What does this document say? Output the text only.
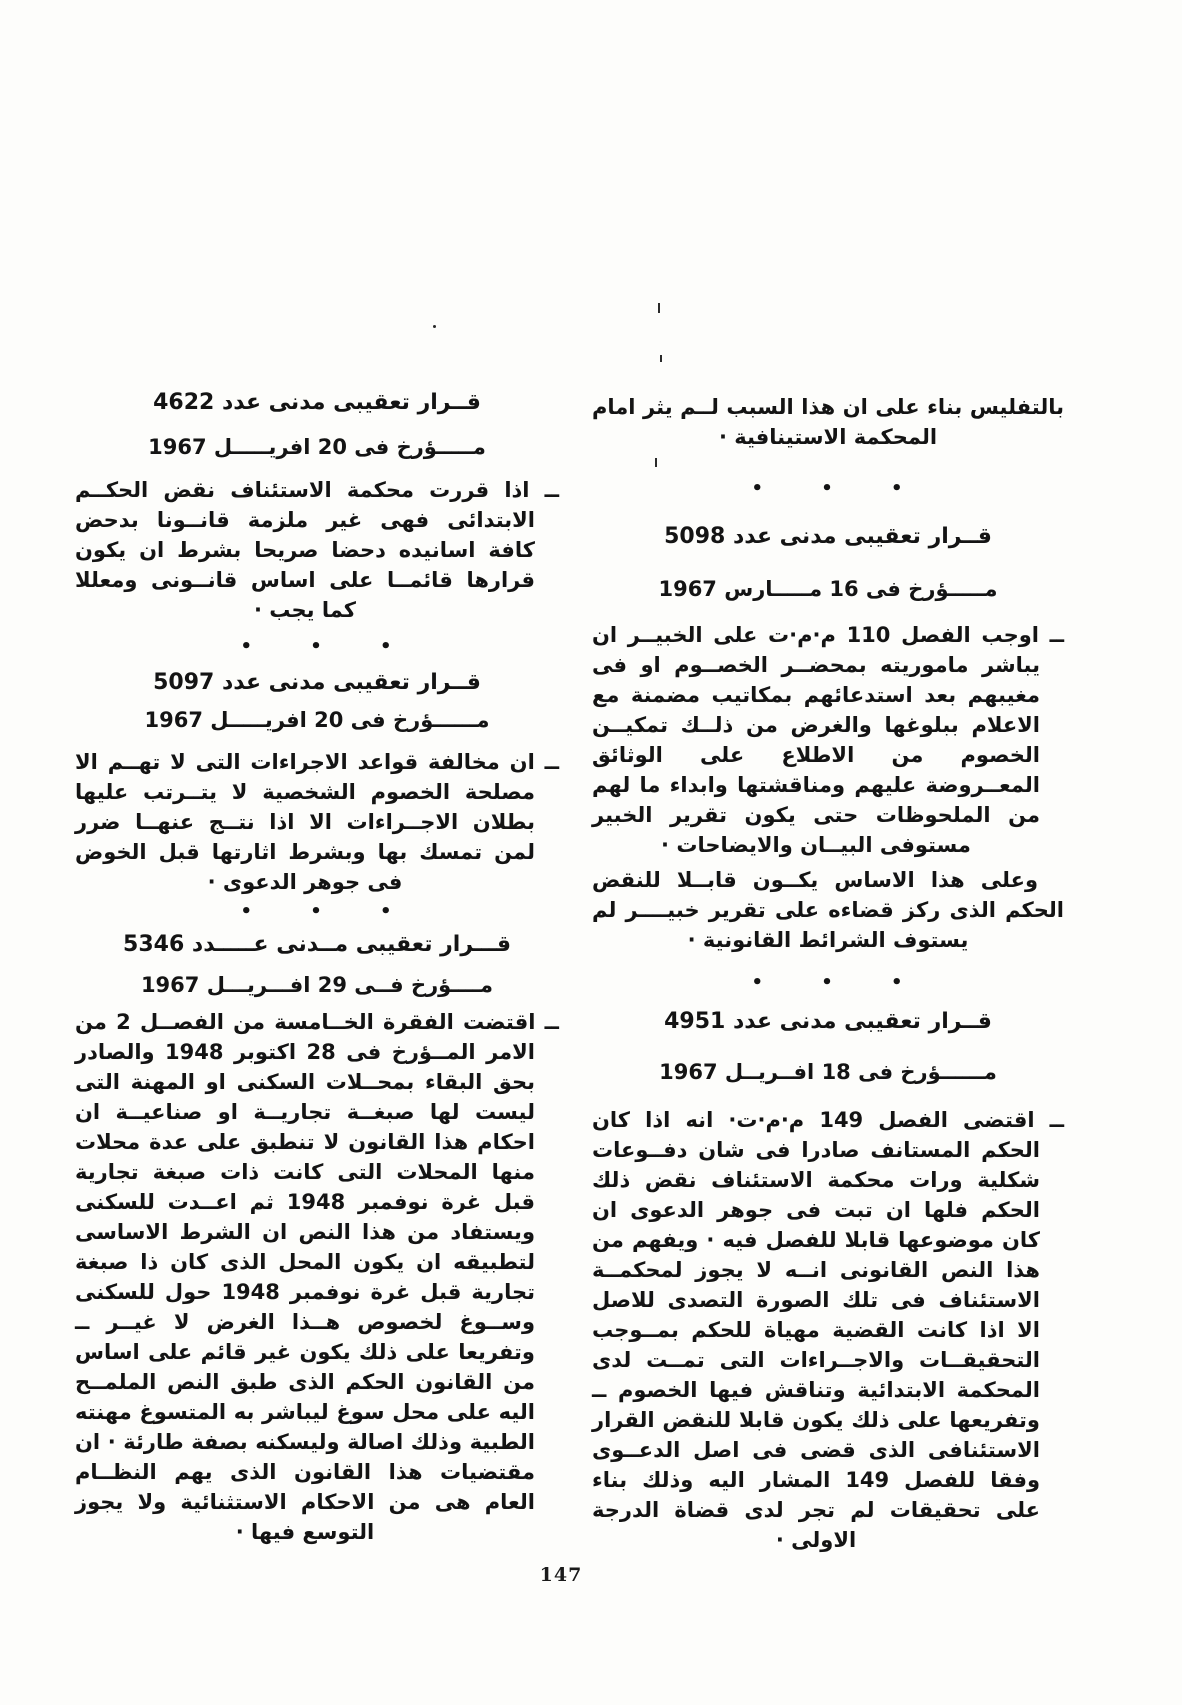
بالتفليس بناء على ان هذا السبب لــم يثر امام المحكمة الاستينافية ·

• • •
قــرار تعقيبى مدنى عدد 5098
مـــــؤرخ فى 16 مـــــارس 1967

ــ اوجب الفصل 110 م·م·ت على الخبيــر ان يباشر ماموريته بمحضــر الخصــوم او فى مغيبهم بعد استدعائهم بمكاتيب مضمنة مع الاعلام ببلوغها والغرض من ذلــك تمكيــن الخصوم من الاطلاع على الوثائق المعــروضة عليهم ومناقشتها وابداء ما لهم من الملحوظات حتى يكون تقرير الخبير مستوفى البيــان والايضاحات ·

وعلى هذا الاساس يكــون قابــلا للنقض الحكم الذى ركز قضاءه على تقرير خبيــــر لم يستوف الشرائط القانونية ·

• • •
قــرار تعقيبى مدنى عدد 4951
مــــــؤرخ فى 18 افــريــل 1967

ــ اقتضى الفصل 149 م·م·ت· انه اذا كان الحكم المستانف صادرا فى شان دفــوعات شكلية ورات محكمة الاستئناف نقض ذلك الحكم فلها ان تبت فى جوهر الدعوى ان كان موضوعها قابلا للفصل فيه · ويفهم من هذا النص القانونى انــه لا يجوز لمحكمــة الاستئناف فى تلك الصورة التصدى للاصل الا اذا كانت القضية مهياة للحكم بمــوجب التحقيقــات والاجــراءات التى تمــت لدى المحكمة الابتدائية وتناقش فيها الخصوم ــ وتفريعها على ذلك يكون قابلا للنقض القرار الاستئنافى الذى قضى فى اصل الدعــوى وفقا للفصل 149 المشار اليه وذلك بناء على تحقيقات لم تجر لدى قضاة الدرجة الاولى ·

قــرار تعقيبى مدنى عدد 4622
مـــــؤرخ فى 20 افريـــــل 1967

ــ اذا قررت محكمة الاستئناف نقض الحكــم الابتدائى فهى غير ملزمة قانــونا بدحض كافة اسانيده دحضا صريحا بشرط ان يكون قرارها قائمــا على اساس قانــونى ومعللا كما يجب ·

• • •
قــرار تعقيبى مدنى عدد 5097
مــــــؤرخ فى 20 افريـــــل 1967

ــ ان مخالفة قواعد الاجراءات التى لا تهــم الا مصلحة الخصوم الشخصية لا يتــرتب عليها بطلان الاجــراءات الا اذا نتــج عنهــا ضرر لمن تمسك بها وبشرط اثارتها قبل الخوض فى جوهر الدعوى ·

• • •
قـــرار تعقيبى مــدنى عـــــدد 5346
مــــؤرخ فــى 29 افـــريـــل 1967

ــ اقتضت الفقرة الخــامسة من الفصــل 2 من الامر المــؤرخ فى 28 اكتوبر 1948 والصادر بحق البقاء بمحــلات السكنى او المهنة التى ليست لها صبغــة تجاريــة او صناعيــة ان احكام هذا القانون لا تنطبق على عدة محلات منها المحلات التى كانت ذات صبغة تجارية قبل غرة نوفمبر 1948 ثم اعــدت للسكنى ويستفاد من هذا النص ان الشرط الاساسى لتطبيقه ان يكون المحل الذى كان ذا صبغة تجارية قبل غرة نوفمبر 1948 حول للسكنى وســوغ لخصوص هــذا الغرض لا غيــر ــ وتفريعا على ذلك يكون غير قائم على اساس من القانون الحكم الذى طبق النص الملمــح اليه على محل سوغ ليباشر به المتسوغ مهنته الطبية وذلك اصالة وليسكنه بصفة طارئة · ان مقتضيات هذا القانون الذى يهم النظــام العام هى من الاحكام الاستثنائية ولا يجوز التوسع فيها ·

147
